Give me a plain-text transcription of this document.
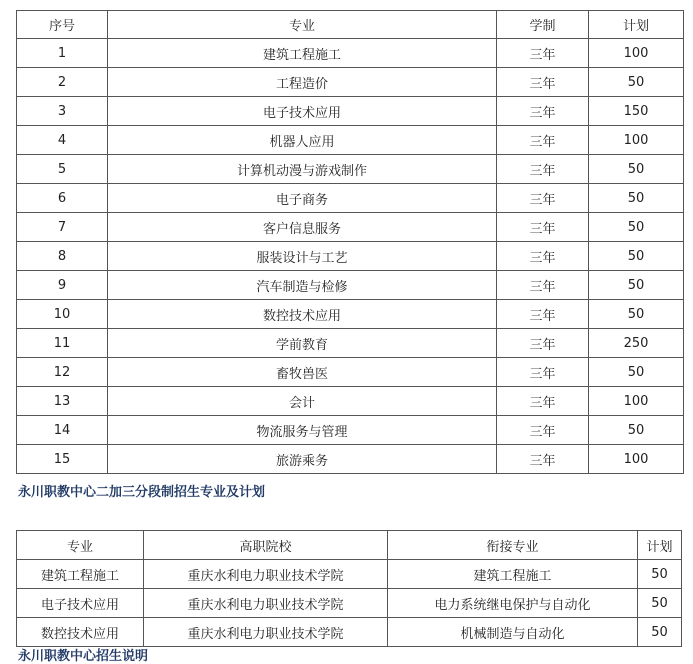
序号	专业	学制	计划
1	建筑工程施工	三年	100
2	工程造价	三年	50
3	电子技术应用	三年	150
4	机器人应用	三年	100
5	计算机动漫与游戏制作	三年	50
6	电子商务	三年	50
7	客户信息服务	三年	50
8	服装设计与工艺	三年	50
9	汽车制造与检修	三年	50
10	数控技术应用	三年	50
11	学前教育	三年	250
12	畜牧兽医	三年	50
13	会计	三年	100
14	物流服务与管理	三年	50
15	旅游乘务	三年	100
永川职教中心二加三分段制招生专业及计划
专业	高职院校	衔接专业	计划
建筑工程施工	重庆水利电力职业技术学院	建筑工程施工	50
电子技术应用	重庆水利电力职业技术学院	电力系统继电保护与自动化	50
数控技术应用	重庆水利电力职业技术学院	机械制造与自动化	50
永川职教中心招生说明
